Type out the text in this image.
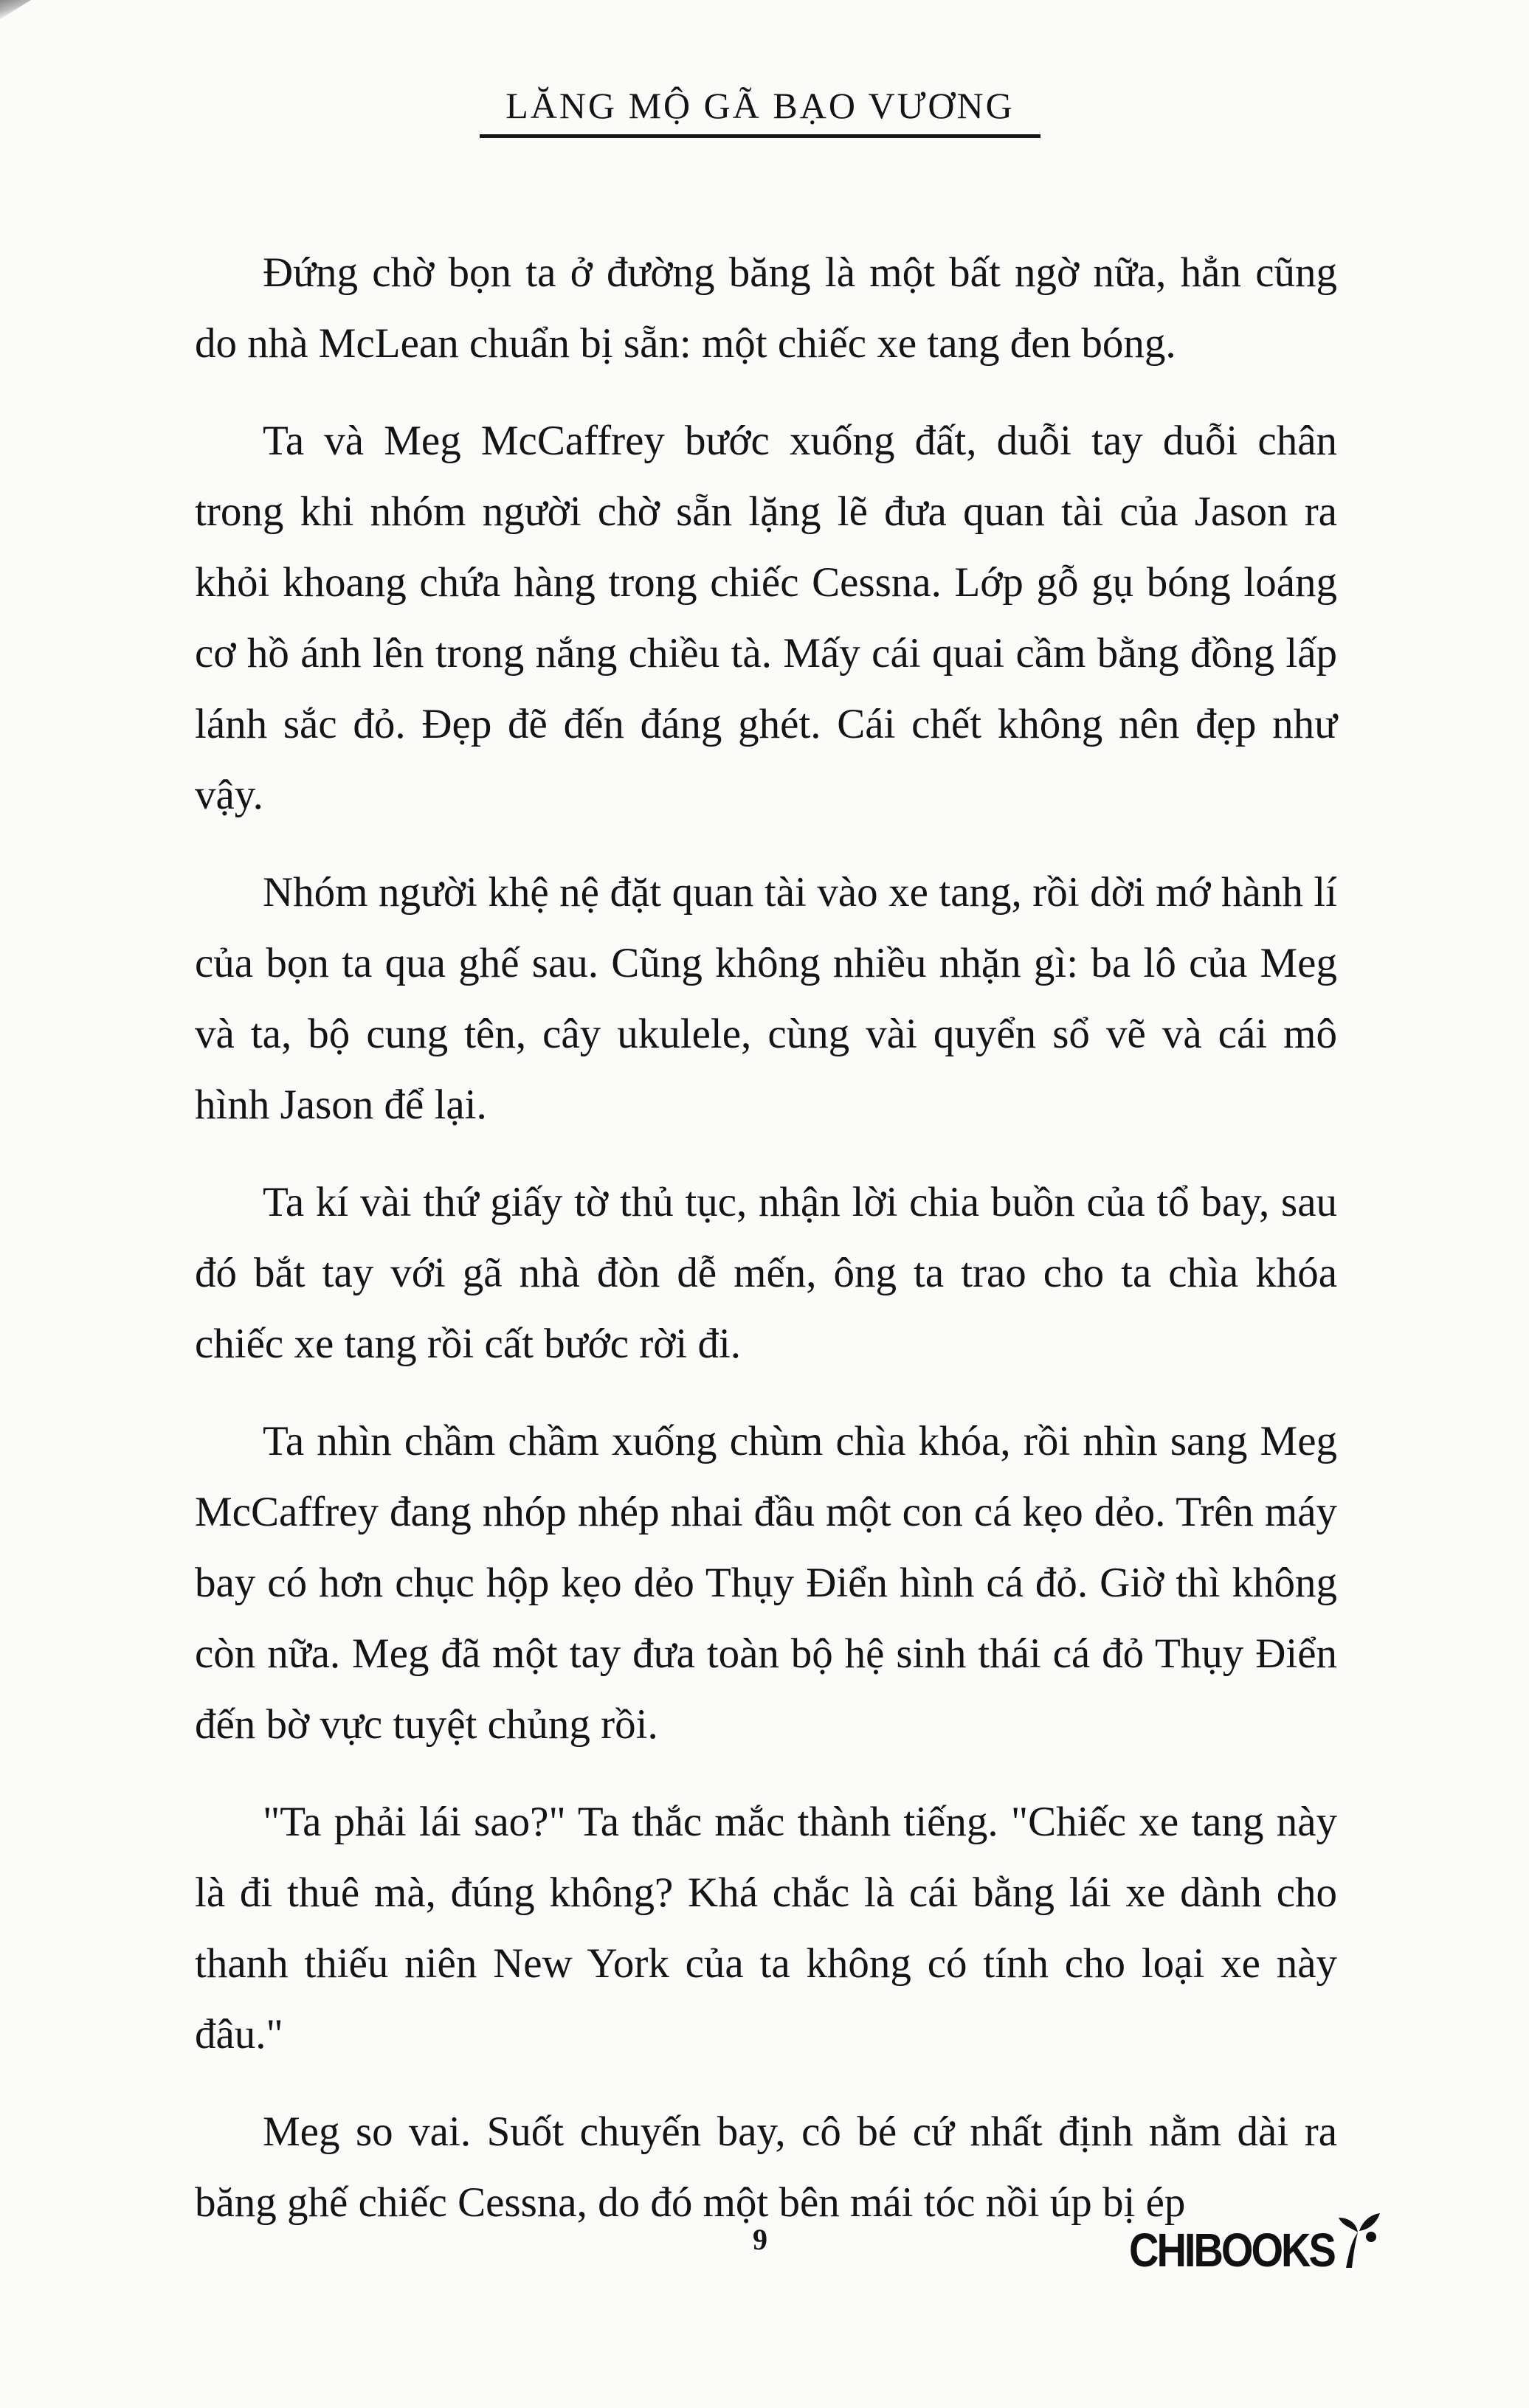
LĂNG MỘ GÃ BẠO VƯƠNG

Đứng chờ bọn ta ở đường băng là một bất ngờ nữa, hẳn cũng do nhà McLean chuẩn bị sẵn: một chiếc xe tang đen bóng.

Ta và Meg McCaffrey bước xuống đất, duỗi tay duỗi chân trong khi nhóm người chờ sẵn lặng lẽ đưa quan tài của Jason ra khỏi khoang chứa hàng trong chiếc Cessna. Lớp gỗ gụ bóng loáng cơ hồ ánh lên trong nắng chiều tà. Mấy cái quai cầm bằng đồng lấp lánh sắc đỏ. Đẹp đẽ đến đáng ghét. Cái chết không nên đẹp như vậy.

Nhóm người khệ nệ đặt quan tài vào xe tang, rồi dời mớ hành lí của bọn ta qua ghế sau. Cũng không nhiều nhặn gì: ba lô của Meg và ta, bộ cung tên, cây ukulele, cùng vài quyển sổ vẽ và cái mô hình Jason để lại.

Ta kí vài thứ giấy tờ thủ tục, nhận lời chia buồn của tổ bay, sau đó bắt tay với gã nhà đòn dễ mến, ông ta trao cho ta chìa khóa chiếc xe tang rồi cất bước rời đi.

Ta nhìn chầm chầm xuống chùm chìa khóa, rồi nhìn sang Meg McCaffrey đang nhóp nhép nhai đầu một con cá kẹo dẻo. Trên máy bay có hơn chục hộp kẹo dẻo Thụy Điển hình cá đỏ. Giờ thì không còn nữa. Meg đã một tay đưa toàn bộ hệ sinh thái cá đỏ Thụy Điển đến bờ vực tuyệt chủng rồi.

"Ta phải lái sao?" Ta thắc mắc thành tiếng. "Chiếc xe tang này là đi thuê mà, đúng không? Khá chắc là cái bằng lái xe dành cho thanh thiếu niên New York của ta không có tính cho loại xe này đâu."

Meg so vai. Suốt chuyến bay, cô bé cứ nhất định nằm dài ra băng ghế chiếc Cessna, do đó một bên mái tóc nồi úp bị ép

9	CHIBOOKS
